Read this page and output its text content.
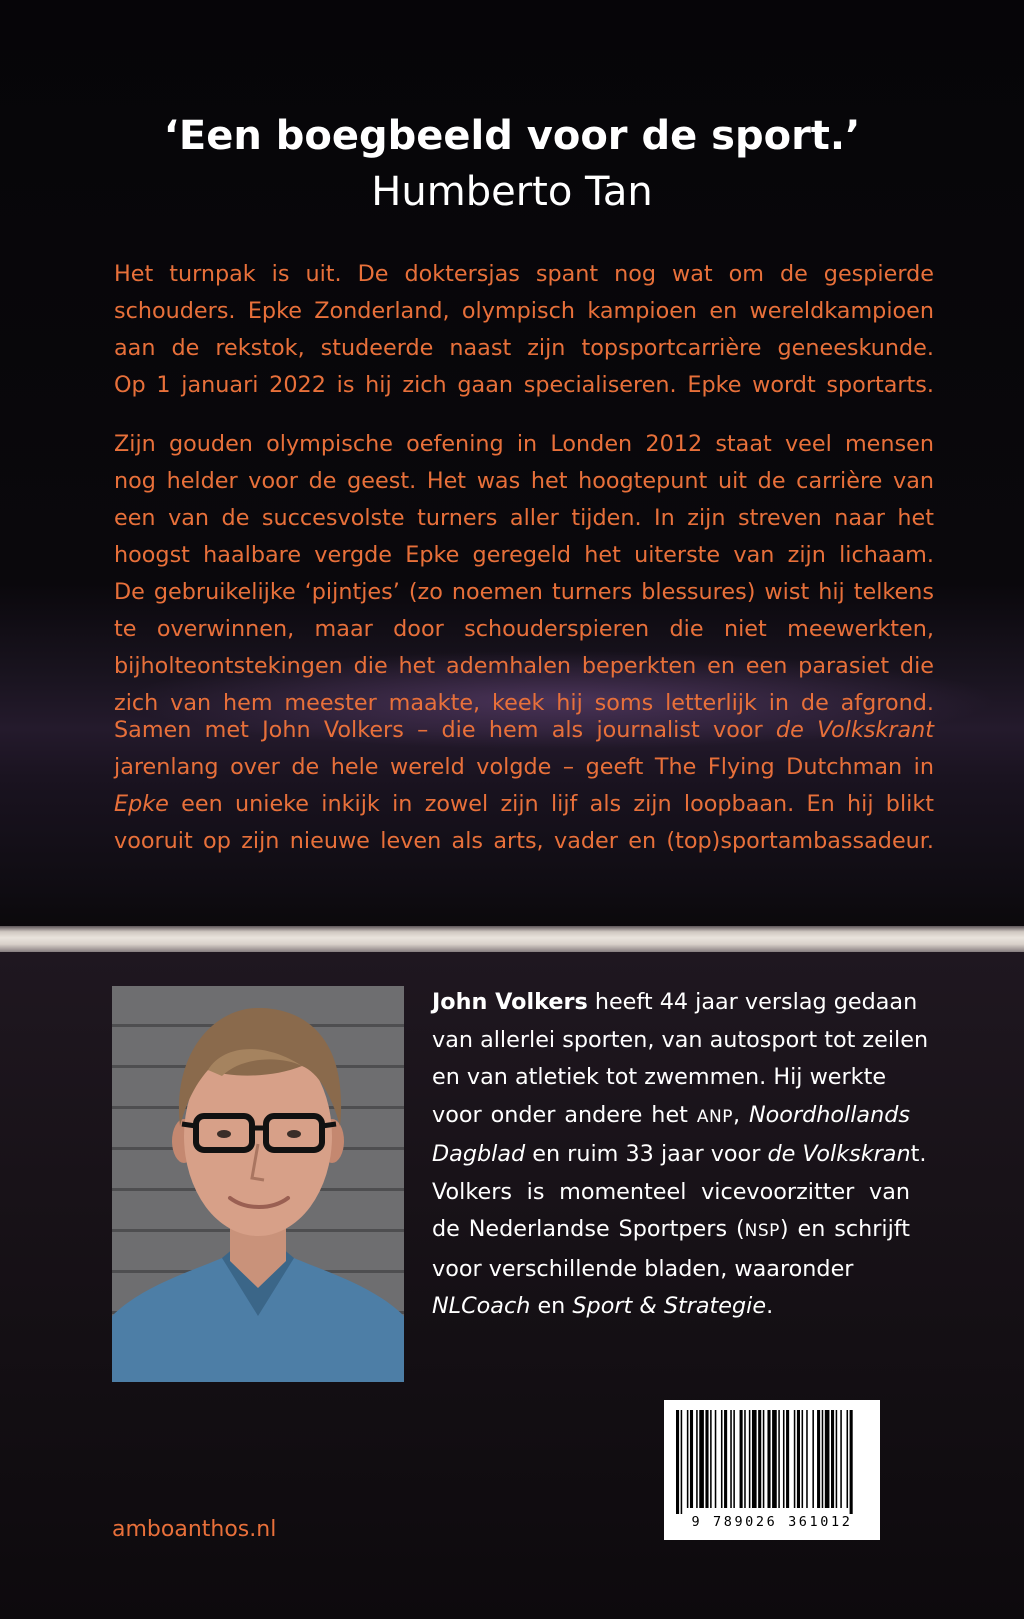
‘Een boegbeeld voor de sport.’
Humberto Tan

Het turnpak is uit. De doktersjas spant nog wat om de gespierde
schouders. Epke Zonderland, olympisch kampioen en wereldkampioen
aan de rekstok, studeerde naast zijn topsportcarrière geneeskunde.
Op 1 januari 2022 is hij zich gaan specialiseren. Epke wordt sportarts.

Zijn gouden olympische oefening in Londen 2012 staat veel mensen
nog helder voor de geest. Het was het hoogtepunt uit de carrière van
een van de succesvolste turners aller tijden. In zijn streven naar het
hoogst haalbare vergde Epke geregeld het uiterste van zijn lichaam.
De gebruikelijke ‘pijntjes’ (zo noemen turners blessures) wist hij telkens
te overwinnen, maar door schouderspieren die niet meewerkten,
bijholteontstekingen die het ademhalen beperkten en een parasiet die
zich van hem meester maakte, keek hij soms letterlijk in de afgrond.

Samen met John Volkers – die hem als journalist voor de Volkskrant
jarenlang over de hele wereld volgde – geeft The Flying Dutchman in
Epke een unieke inkijk in zowel zijn lijf als zijn loopbaan. En hij blikt
vooruit op zijn nieuwe leven als arts, vader en (top)sportambassadeur.

John Volkers heeft 44 jaar verslag gedaan
van allerlei sporten, van autosport tot zeilen
en van atletiek tot zwemmen. Hij werkte
voor onder andere het ANP, Noordhollands
Dagblad en ruim 33 jaar voor de Volkskrant.
Volkers is momenteel vicevoorzitter van
de Nederlandse Sportpers (NSP) en schrijft
voor verschillende bladen, waaronder
NLCoach en Sport & Strategie.
9 789026 361012
amboanthos.nl
